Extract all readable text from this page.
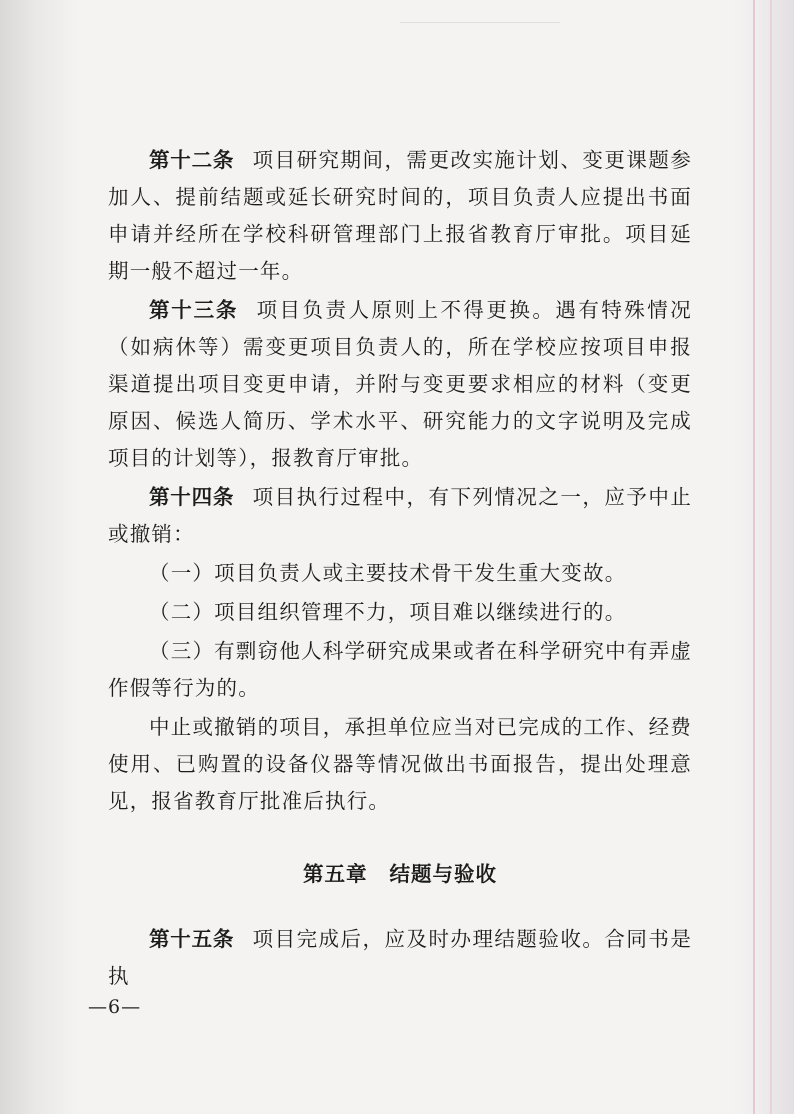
第十二条 项目研究期间，需更改实施计划、变更课题参加人、提前结题或延长研究时间的，项目负责人应提出书面申请并经所在学校科研管理部门上报省教育厅审批。项目延期一般不超过一年。

第十三条 项目负责人原则上不得更换。遇有特殊情况（如病休等）需变更项目负责人的，所在学校应按项目申报渠道提出项目变更申请，并附与变更要求相应的材料（变更原因、候选人简历、学术水平、研究能力的文字说明及完成项目的计划等），报教育厅审批。

第十四条 项目执行过程中，有下列情况之一，应予中止或撤销：

（一）项目负责人或主要技术骨干发生重大变故。

（二）项目组织管理不力，项目难以继续进行的。

（三）有剽窃他人科学研究成果或者在科学研究中有弄虚作假等行为的。

中止或撤销的项目，承担单位应当对已完成的工作、经费使用、已购置的设备仪器等情况做出书面报告，提出处理意见，报省教育厅批准后执行。

第五章 结题与验收

第十五条 项目完成后，应及时办理结题验收。合同书是执

—6—
